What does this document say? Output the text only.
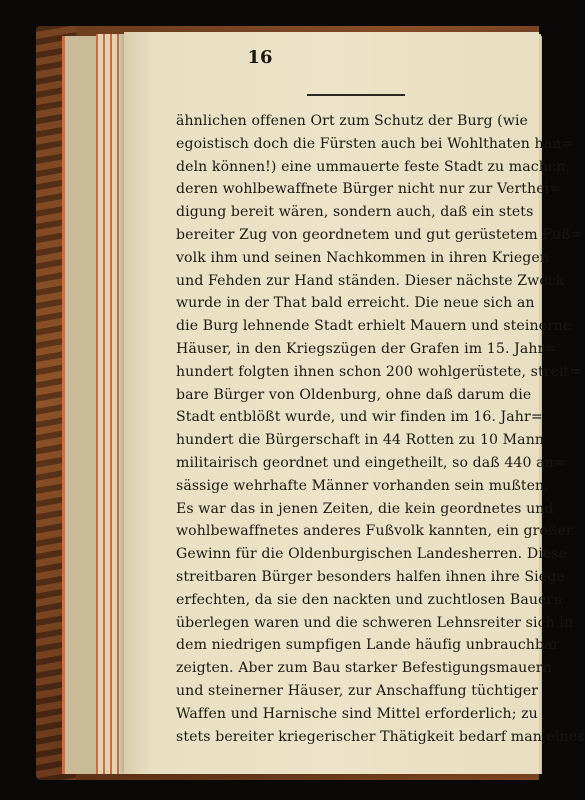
16
ähnlichen offenen Ort zum Schutz der Burg (wie
egoistisch doch die Fürsten auch bei Wohlthaten han=
deln können!) eine ummauerte feste Stadt zu machen,
deren wohlbewaffnete Bürger nicht nur zur Verthei=
digung bereit wären, sondern auch, daß ein stets
bereiter Zug von geordnetem und gut gerüstetem Fuß=
volk ihm und seinen Nachkommen in ihren Kriegen
und Fehden zur Hand ständen. Dieser nächste Zweck
wurde in der That bald erreicht. Die neue sich an
die Burg lehnende Stadt erhielt Mauern und steinerne
Häuser, in den Kriegszügen der Grafen im 15. Jahr=
hundert folgten ihnen schon 200 wohlgerüstete, streit=
bare Bürger von Oldenburg, ohne daß darum die
Stadt entblößt wurde, und wir finden im 16. Jahr=
hundert die Bürgerschaft in 44 Rotten zu 10 Mann
militairisch geordnet und eingetheilt, so daß 440 an=
sässige wehrhafte Männer vorhanden sein mußten.
Es war das in jenen Zeiten, die kein geordnetes und
wohlbewaffnetes anderes Fußvolk kannten, ein großer
Gewinn für die Oldenburgischen Landesherren. Diese
streitbaren Bürger besonders halfen ihnen ihre Siege
erfechten, da sie den nackten und zuchtlosen Bauern
überlegen waren und die schweren Lehnsreiter sich in
dem niedrigen sumpfigen Lande häufig unbrauchbar
zeigten. Aber zum Bau starker Befestigungsmauern
und steinerner Häuser, zur Anschaffung tüchtiger
Waffen und Harnische sind Mittel erforderlich; zu
stets bereiter kriegerischer Thätigkeit bedarf man eines
